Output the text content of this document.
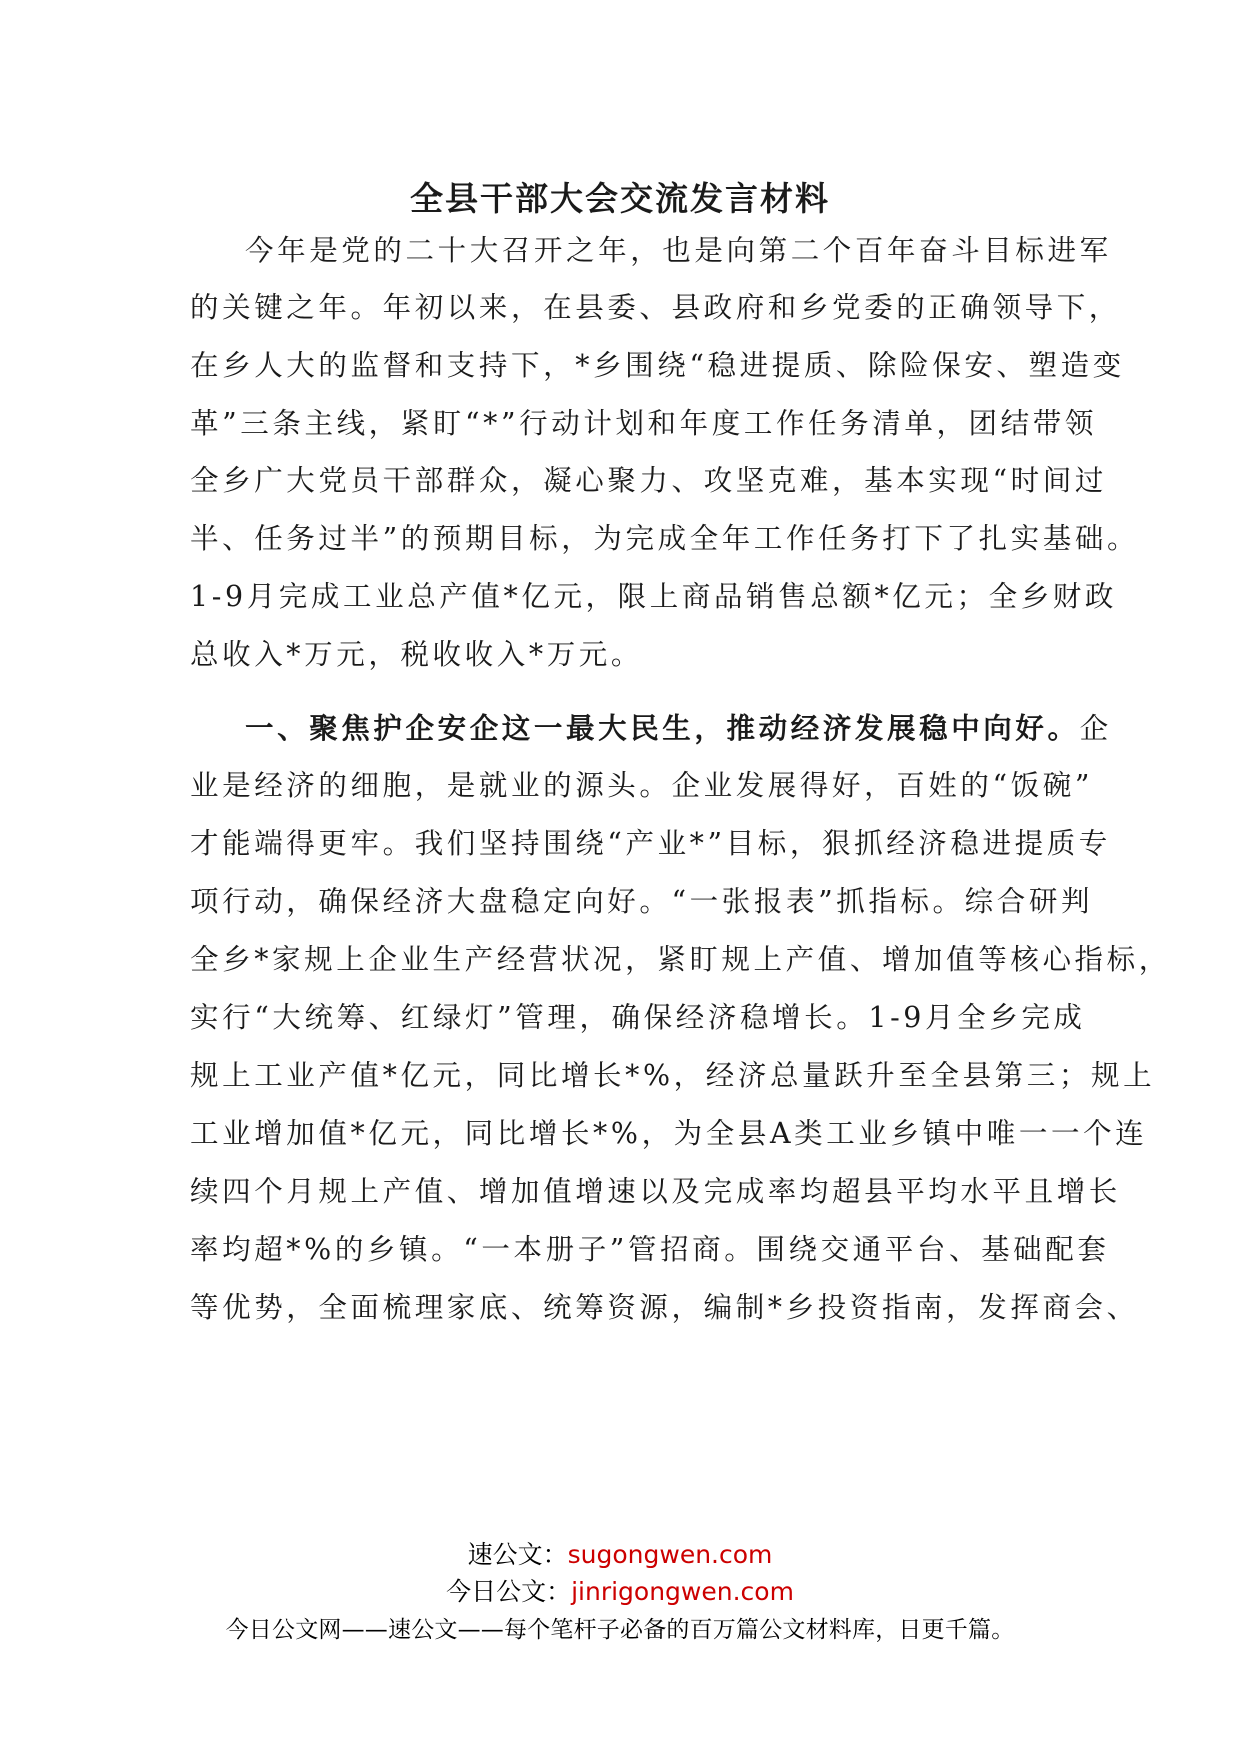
全县干部大会交流发言材料
今年是党的二十大召开之年，也是向第二个百年奋斗目标进军
的关键之年。年初以来，在县委、县政府和乡党委的正确领导下，
在乡人大的监督和支持下，*乡围绕“稳进提质、除险保安、塑造变
革”三条主线，紧盯“*”行动计划和年度工作任务清单，团结带领
全乡广大党员干部群众，凝心聚力、攻坚克难，基本实现“时间过
半、任务过半”的预期目标，为完成全年工作任务打下了扎实基础。
1-9月完成工业总产值*亿元，限上商品销售总额*亿元；全乡财政
总收入*万元，税收收入*万元。
一、聚焦护企安企这一最大民生，推动经济发展稳中向好。企
业是经济的细胞，是就业的源头。企业发展得好，百姓的“饭碗”
才能端得更牢。我们坚持围绕“产业*”目标，狠抓经济稳进提质专
项行动，确保经济大盘稳定向好。“一张报表”抓指标。综合研判
全乡*家规上企业生产经营状况，紧盯规上产值、增加值等核心指标，
实行“大统筹、红绿灯”管理，确保经济稳增长。1-9月全乡完成
规上工业产值*亿元，同比增长*%，经济总量跃升至全县第三；规上
工业增加值*亿元，同比增长*%，为全县A类工业乡镇中唯一一个连
续四个月规上产值、增加值增速以及完成率均超县平均水平且增长
率均超*%的乡镇。“一本册子”管招商。围绕交通平台、基础配套
等优势，全面梳理家底、统筹资源，编制*乡投资指南，发挥商会、
速公文：sugongwen.com
今日公文：jinrigongwen.com
今日公文网——速公文——每个笔杆子必备的百万篇公文材料库，日更千篇。
